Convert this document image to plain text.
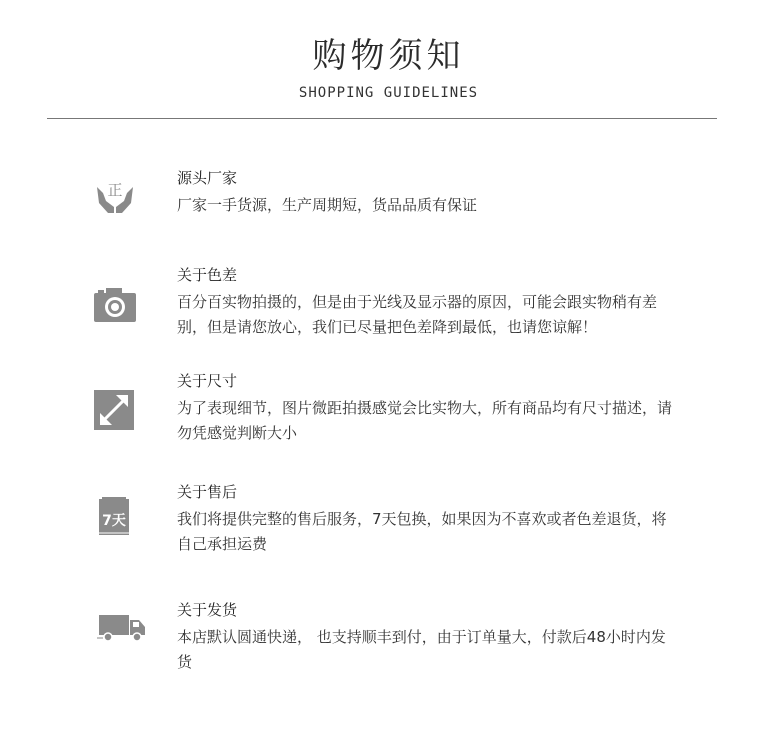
购物须知
SHOPPING GUIDELINES
正
源头厂家
厂家一手货源，生产周期短，货品品质有保证
关于色差
百分百实物拍摄的，但是由于光线及显示器的原因，可能会跟实物稍有差别，但是请您放心，我们已尽量把色差降到最低，也请您谅解！
关于尺寸
为了表现细节，图片微距拍摄感觉会比实物大，所有商品均有尺寸描述，请勿凭感觉判断大小
7天
关于售后
我们将提供完整的售后服务，7天包换，如果因为不喜欢或者色差退货，将自己承担运费
关于发货
本店默认圆通快递， 也支持顺丰到付，由于订单量大，付款后48小时内发货
